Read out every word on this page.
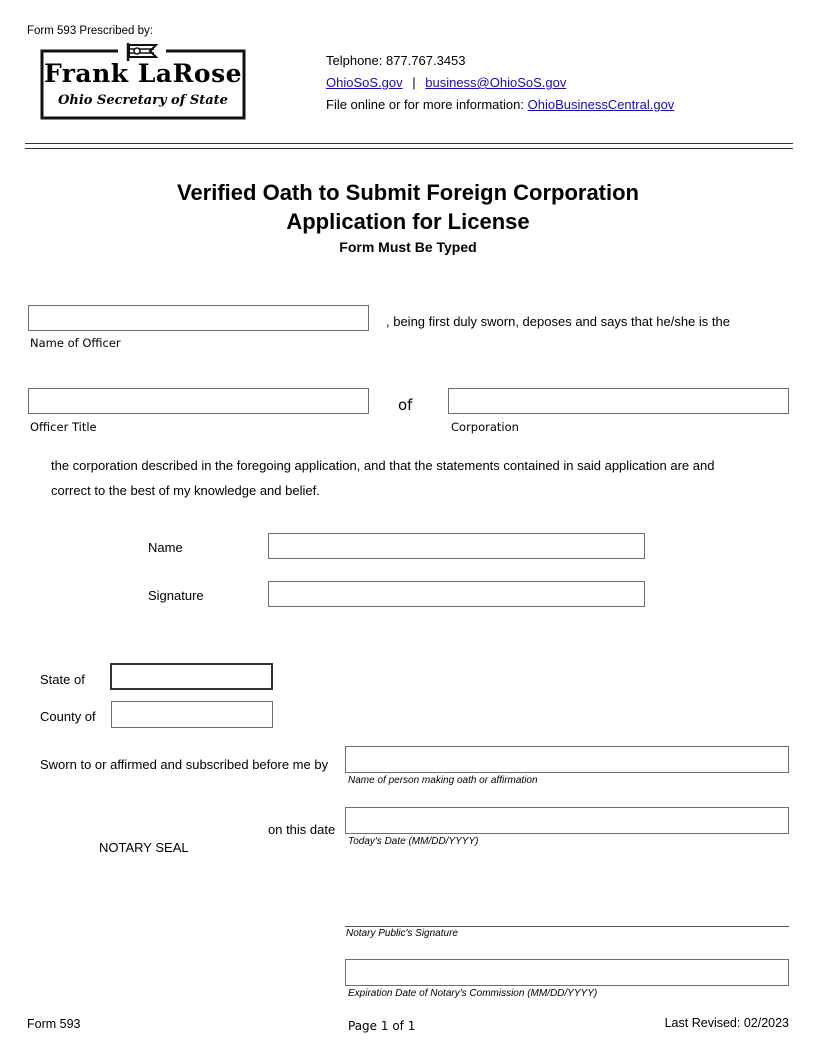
Form 593 Prescribed by:
Frank LaRose
Ohio Secretary of State
Telphone: 877.767.3453
OhioSoS.gov | business@OhioSoS.gov
File online or for more information: OhioBusinessCentral.gov
Verified Oath to Submit Foreign Corporation
Application for License
Form Must Be Typed
, being first duly sworn, deposes and says that he/she is the
Name of Officer
of
Officer Title	Corporation
the corporation described in the foregoing application, and that the statements contained in said application are and
correct to the best of my knowledge and belief.
Name
Signature
State of
County of
Sworn to or affirmed and subscribed before me by
Name of person making oath or affirmation
on this date
Today's Date (MM/DD/YYYY)
NOTARY SEAL
Notary Public's Signature
Expiration Date of Notary's Commission (MM/DD/YYYY)
Form 593	Page 1 of 1	Last Revised: 02/2023
